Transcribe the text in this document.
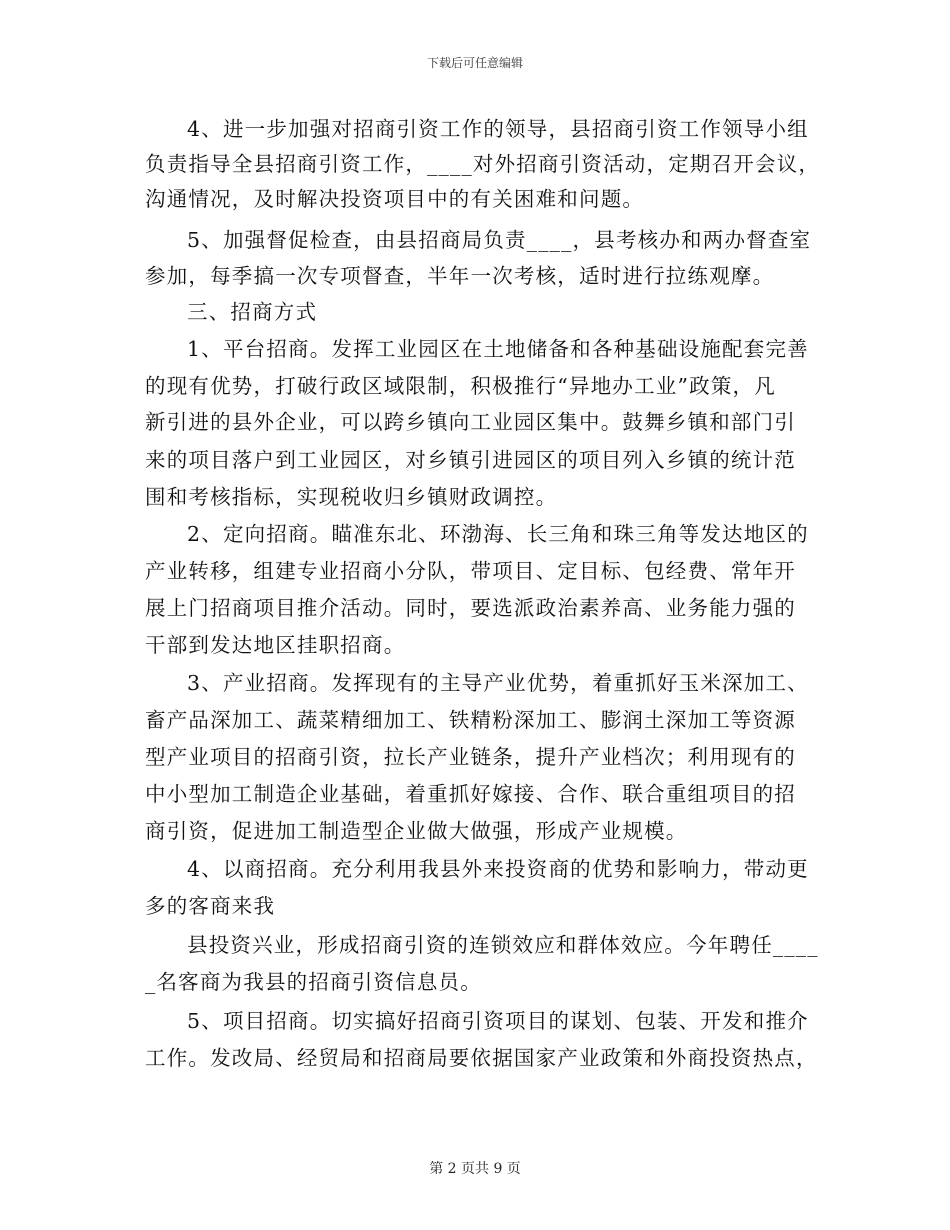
下载后可任意编辑
4、进一步加强对招商引资工作的领导，县招商引资工作领导小组
负责指导全县招商引资工作，____对外招商引资活动，定期召开会议，
沟通情况，及时解决投资项目中的有关困难和问题。
5、加强督促检查，由县招商局负责____，县考核办和两办督查室
参加，每季搞一次专项督查，半年一次考核，适时进行拉练观摩。
三、招商方式
1、平台招商。发挥工业园区在土地储备和各种基础设施配套完善
的现有优势，打破行政区域限制，积极推行“异地办工业”政策，凡
新引进的县外企业，可以跨乡镇向工业园区集中。鼓舞乡镇和部门引
来的项目落户到工业园区，对乡镇引进园区的项目列入乡镇的统计范
围和考核指标，实现税收归乡镇财政调控。
2、定向招商。瞄准东北、环渤海、长三角和珠三角等发达地区的
产业转移，组建专业招商小分队，带项目、定目标、包经费、常年开
展上门招商项目推介活动。同时，要选派政治素养高、业务能力强的
干部到发达地区挂职招商。
3、产业招商。发挥现有的主导产业优势，着重抓好玉米深加工、
畜产品深加工、蔬菜精细加工、铁精粉深加工、膨润土深加工等资源
型产业项目的招商引资，拉长产业链条，提升产业档次；利用现有的
中小型加工制造企业基础，着重抓好嫁接、合作、联合重组项目的招
商引资，促进加工制造型企业做大做强，形成产业规模。
4、以商招商。充分利用我县外来投资商的优势和影响力，带动更
多的客商来我
县投资兴业，形成招商引资的连锁效应和群体效应。今年聘任____
_名客商为我县的招商引资信息员。
5、项目招商。切实搞好招商引资项目的谋划、包装、开发和推介
工作。发改局、经贸局和招商局要依据国家产业政策和外商投资热点，
第 2 页共 9 页
